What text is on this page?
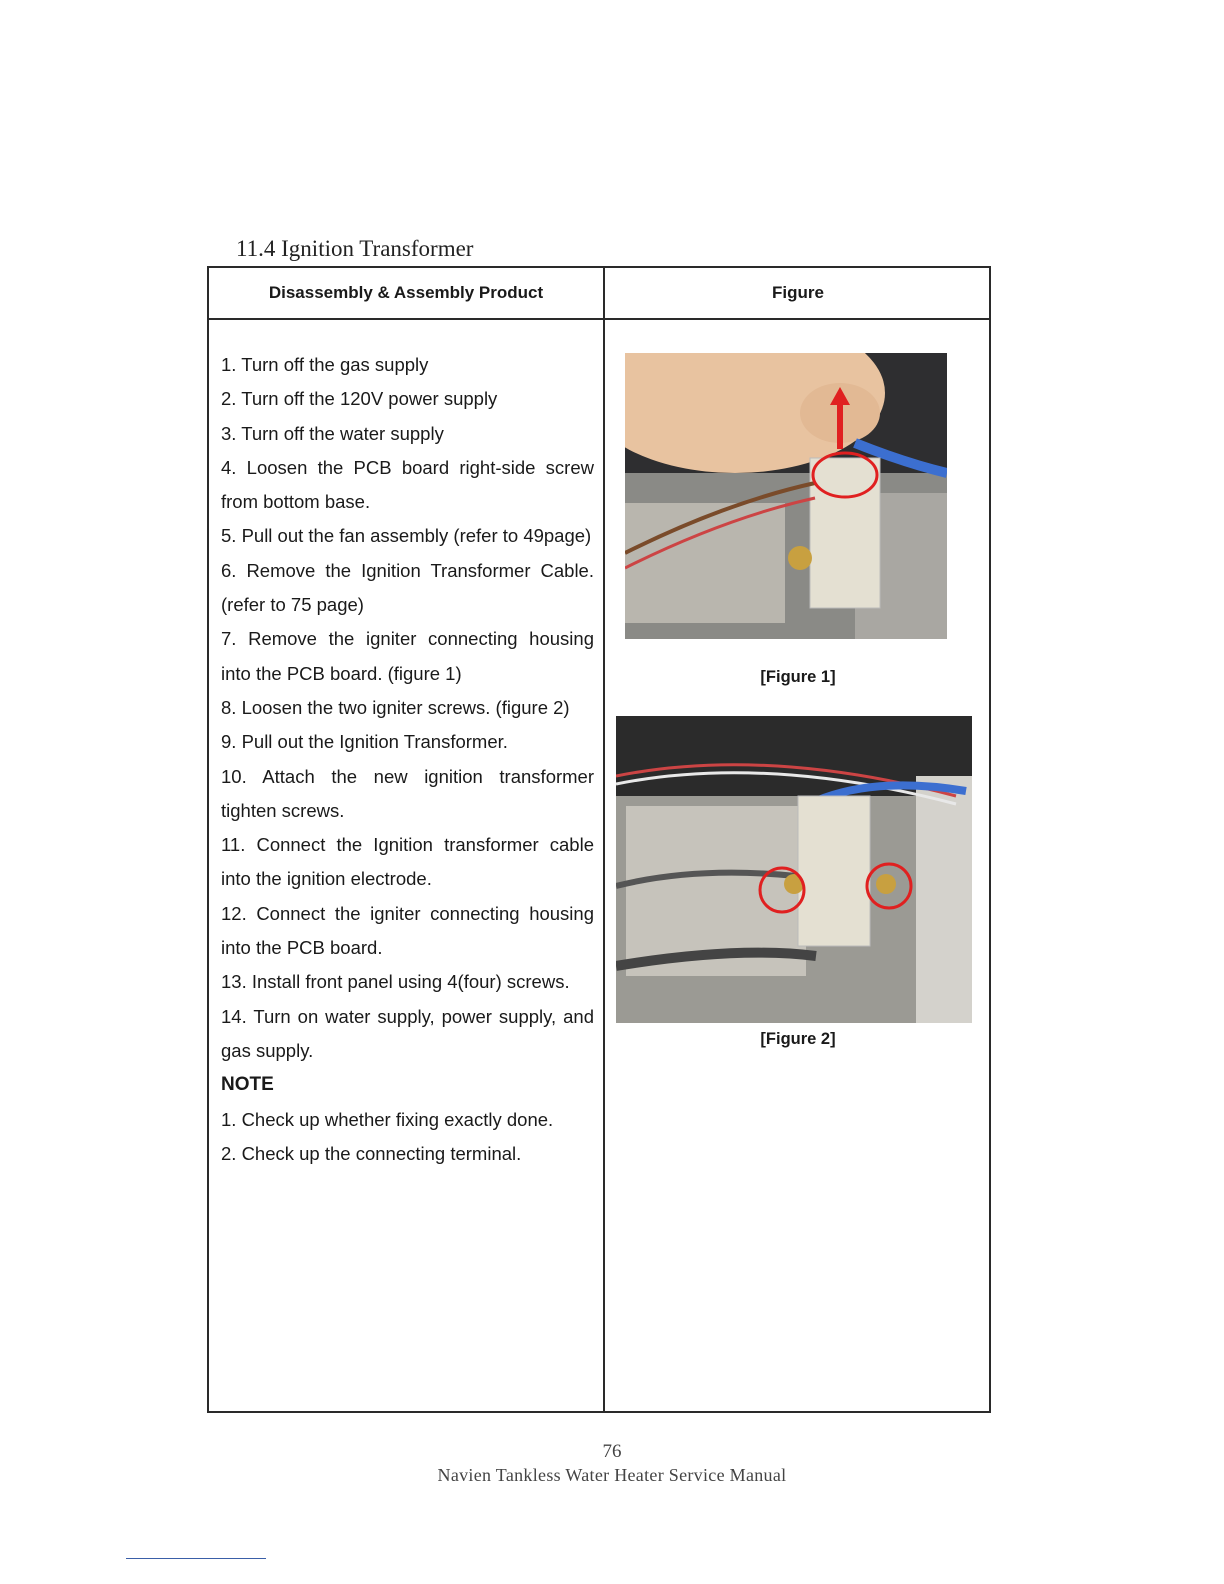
11.4 Ignition Transformer
Disassembly & Assembly Product	Figure

1. Turn off the gas supply

2. Turn off the 120V power supply

3. Turn off the water supply

4. Loosen the PCB board right-side screw from bottom base.

5. Pull out the fan assembly (refer to 49page)

6. Remove the Ignition Transformer Cable. (refer to 75 page)

7. Remove the igniter connecting housing into the PCB board. (figure 1)

8. Loosen the two igniter screws. (figure 2)

9. Pull out the Ignition Transformer.

10. Attach the new ignition transformer tighten screws.

11. Connect the Ignition transformer cable into the ignition electrode.

12. Connect the igniter connecting housing into the PCB board.

13. Install front panel using 4(four) screws.

14. Turn on water supply, power supply, and gas supply.

NOTE

1. Check up whether fixing exactly done.

2. Check up the connecting terminal.

[Figure 1]
[Figure 2]
76
Navien Tankless Water Heater Service Manual
